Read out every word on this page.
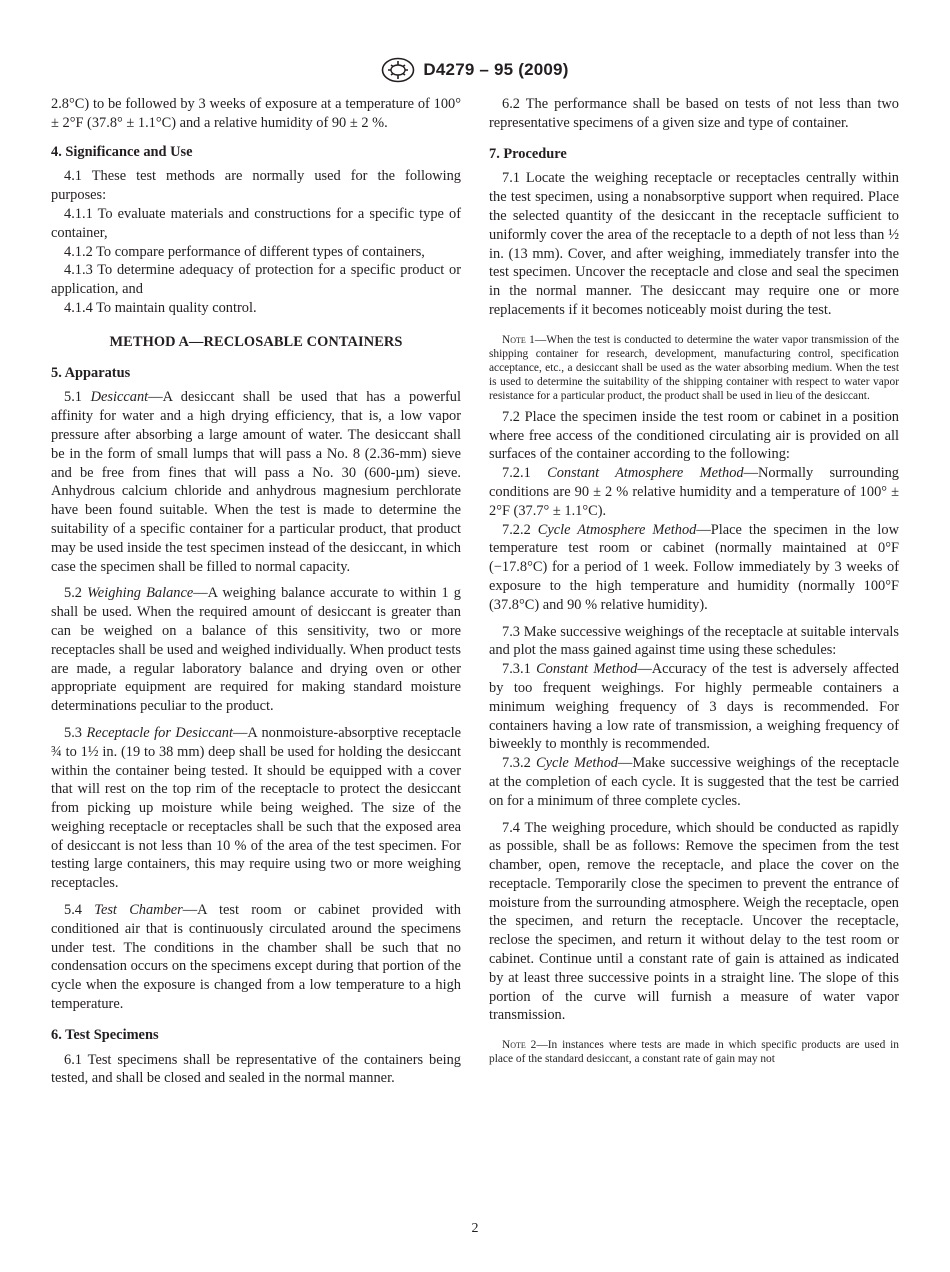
D4279 – 95 (2009)

2.8°C) to be followed by 3 weeks of exposure at a temperature of 100° ± 2°F (37.8° ± 1.1°C) and a relative humidity of 90 ± 2 %.

4. Significance and Use

4.1 These test methods are normally used for the following purposes:

4.1.1 To evaluate materials and constructions for a specific type of container,

4.1.2 To compare performance of different types of containers,

4.1.3 To determine adequacy of protection for a specific product or application, and

4.1.4 To maintain quality control.

METHOD A—RECLOSABLE CONTAINERS
5. Apparatus

5.1 Desiccant—A desiccant shall be used that has a powerful affinity for water and a high drying efficiency, that is, a low vapor pressure after absorbing a large amount of water. The desiccant shall be in the form of small lumps that will pass a No. 8 (2.36-mm) sieve and be free from fines that will pass a No. 30 (600-µm) sieve. Anhydrous calcium chloride and anhydrous magnesium perchlorate have been found suitable. When the test is made to determine the suitability of a specific container for a particular product, that product may be used inside the test specimen instead of the desiccant, in which case the specimen shall be filled to normal capacity.

5.2 Weighing Balance—A weighing balance accurate to within 1 g shall be used. When the required amount of desiccant is greater than can be weighed on a balance of this sensitivity, two or more receptacles shall be used and weighed individually. When product tests are made, a regular laboratory balance and drying oven or other appropriate equipment are required for making standard moisture determinations peculiar to the product.

5.3 Receptacle for Desiccant—A nonmoisture-absorptive receptacle ¾ to 1½ in. (19 to 38 mm) deep shall be used for holding the desiccant within the container being tested. It should be equipped with a cover that will rest on the top rim of the receptacle to protect the desiccant from picking up moisture while being weighed. The size of the weighing receptacle or receptacles shall be such that the exposed area of desiccant is not less than 10 % of the area of the test specimen. For testing large containers, this may require using two or more weighing receptacles.

5.4 Test Chamber—A test room or cabinet provided with conditioned air that is continuously circulated around the specimens under test. The conditions in the chamber shall be such that no condensation occurs on the specimens except during that portion of the cycle when the exposure is changed from a low temperature to a high temperature.

6. Test Specimens

6.1 Test specimens shall be representative of the containers being tested, and shall be closed and sealed in the normal manner.

6.2 The performance shall be based on tests of not less than two representative specimens of a given size and type of container.

7. Procedure

7.1 Locate the weighing receptacle or receptacles centrally within the test specimen, using a nonabsorptive support when required. Place the selected quantity of the desiccant in the receptacle sufficient to uniformly cover the area of the receptacle to a depth of not less than ½ in. (13 mm). Cover, and after weighing, immediately transfer into the test specimen. Uncover the receptacle and close and seal the specimen in the normal manner. The desiccant may require one or more replacements if it becomes noticeably moist during the test.

Note 1—When the test is conducted to determine the water vapor transmission of the shipping container for research, development, manufacturing control, specification acceptance, etc., a desiccant shall be used as the water absorbing medium. When the test is used to determine the suitability of the shipping container with respect to water vapor resistance for a particular product, the product shall be used in lieu of the desiccant.

7.2 Place the specimen inside the test room or cabinet in a position where free access of the conditioned circulating air is provided on all surfaces of the container according to the following:

7.2.1 Constant Atmosphere Method—Normally surrounding conditions are 90 ± 2 % relative humidity and a temperature of 100° ± 2°F (37.7° ± 1.1°C).

7.2.2 Cycle Atmosphere Method—Place the specimen in the low temperature test room or cabinet (normally maintained at 0°F (−17.8°C) for a period of 1 week. Follow immediately by 3 weeks of exposure to the high temperature and humidity (normally 100°F (37.8°C) and 90 % relative humidity).

7.3 Make successive weighings of the receptacle at suitable intervals and plot the mass gained against time using these schedules:

7.3.1 Constant Method—Accuracy of the test is adversely affected by too frequent weighings. For highly permeable containers a minimum weighing frequency of 3 days is recommended. For containers having a low rate of transmission, a weighing frequency of biweekly to monthly is recommended.

7.3.2 Cycle Method—Make successive weighings of the receptacle at the completion of each cycle. It is suggested that the test be carried on for a minimum of three complete cycles.

7.4 The weighing procedure, which should be conducted as rapidly as possible, shall be as follows: Remove the specimen from the test chamber, open, remove the receptacle, and place the cover on the receptacle. Temporarily close the specimen to prevent the entrance of moisture from the surrounding atmosphere. Weigh the receptacle, open the specimen, and return the receptacle. Uncover the receptacle, reclose the specimen, and return it without delay to the test room or cabinet. Continue until a constant rate of gain is attained as indicated by at least three successive points in a straight line. The slope of this portion of the curve will furnish a measure of water vapor transmission.

Note 2—In instances where tests are made in which specific products are used in place of the standard desiccant, a constant rate of gain may not

2
